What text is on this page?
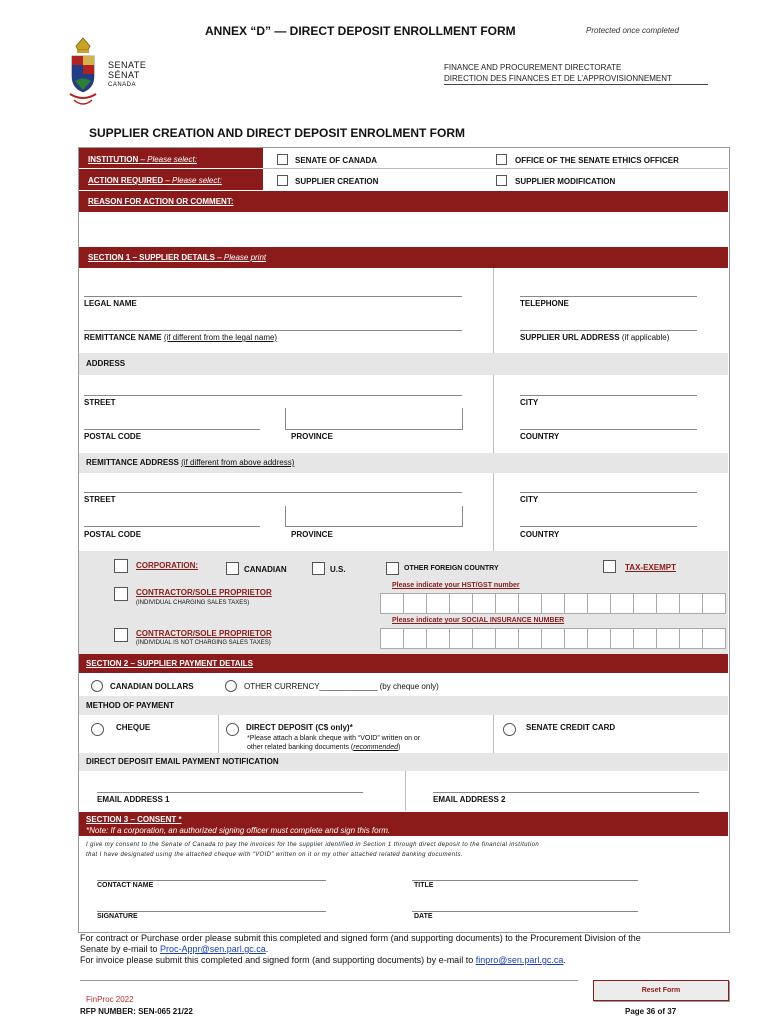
ANNEX “D” — DIRECT DEPOSIT ENROLLMENT FORM	Protected once completed
SENATE
SÉNAT
CANADA
FINANCE AND PROCUREMENT DIRECTORATE
DIRECTION DES FINANCES ET DE L’APPROVISIONNEMENT
SUPPLIER CREATION AND DIRECT DEPOSIT ENROLMENT FORM
INSTITUTION – Please select:	SENATE OF CANADA	OFFICE OF THE SENATE ETHICS OFFICER
ACTION REQUIRED – Please select:	SUPPLIER CREATION	SUPPLIER MODIFICATION
REASON FOR ACTION OR COMMENT:
SECTION 1 – SUPPLIER DETAILS – Please print
LEGAL NAME	TELEPHONE
REMITTANCE NAME (if different from the legal name)	SUPPLIER URL ADDRESS (if applicable)
ADDRESS
STREET	CITY
POSTAL CODE	PROVINCE	COUNTRY
REMITTANCE ADDRESS (if different from above address)
STREET	CITY
POSTAL CODE	PROVINCE	COUNTRY
CORPORATION:	CANADIAN	U.S.	OTHER FOREIGN COUNTRY	TAX-EXEMPT
Please indicate your HST/GST number
CONTRACTOR/SOLE PROPRIETOR
(INDIVIDUAL CHARGING SALES TAXES)
Please indicate your SOCIAL INSURANCE NUMBER
CONTRACTOR/SOLE PROPRIETOR
(INDIVIDUAL IS NOT CHARGING SALES TAXES)
SECTION 2 – SUPPLIER PAYMENT DETAILS
CANADIAN DOLLARS	OTHER CURRENCY_____________ (by cheque only)
METHOD OF PAYMENT
CHEQUE	DIRECT DEPOSIT (C$ only)*
*Please attach a blank cheque with “VOID” written on or
other related banking documents (recommended)
SENATE CREDIT CARD
DIRECT DEPOSIT EMAIL PAYMENT NOTIFICATION
EMAIL ADDRESS 1	EMAIL ADDRESS 2
SECTION 3 – CONSENT *
*Note: If a corporation, an authorized signing officer must complete and sign this form.
I give my consent to the Senate of Canada to pay the invoices for the supplier identified in Section 1 through direct deposit to the financial institution
that I have designated using the attached cheque with “VOID” written on it or my other attached related banking documents.
CONTACT NAME	TITLE
SIGNATURE	DATE
For contract or Purchase order please submit this completed and signed form (and supporting documents) to the Procurement Division of the
Senate by e-mail to Proc-Appr@sen.parl.gc.ca.
For invoice please submit this completed and signed form (and supporting documents) by e-mail to finpro@sen.parl.gc.ca.
FinProc 2022
RFP NUMBER: SEN-065 21/22	Page 36 of 37
Reset Form
